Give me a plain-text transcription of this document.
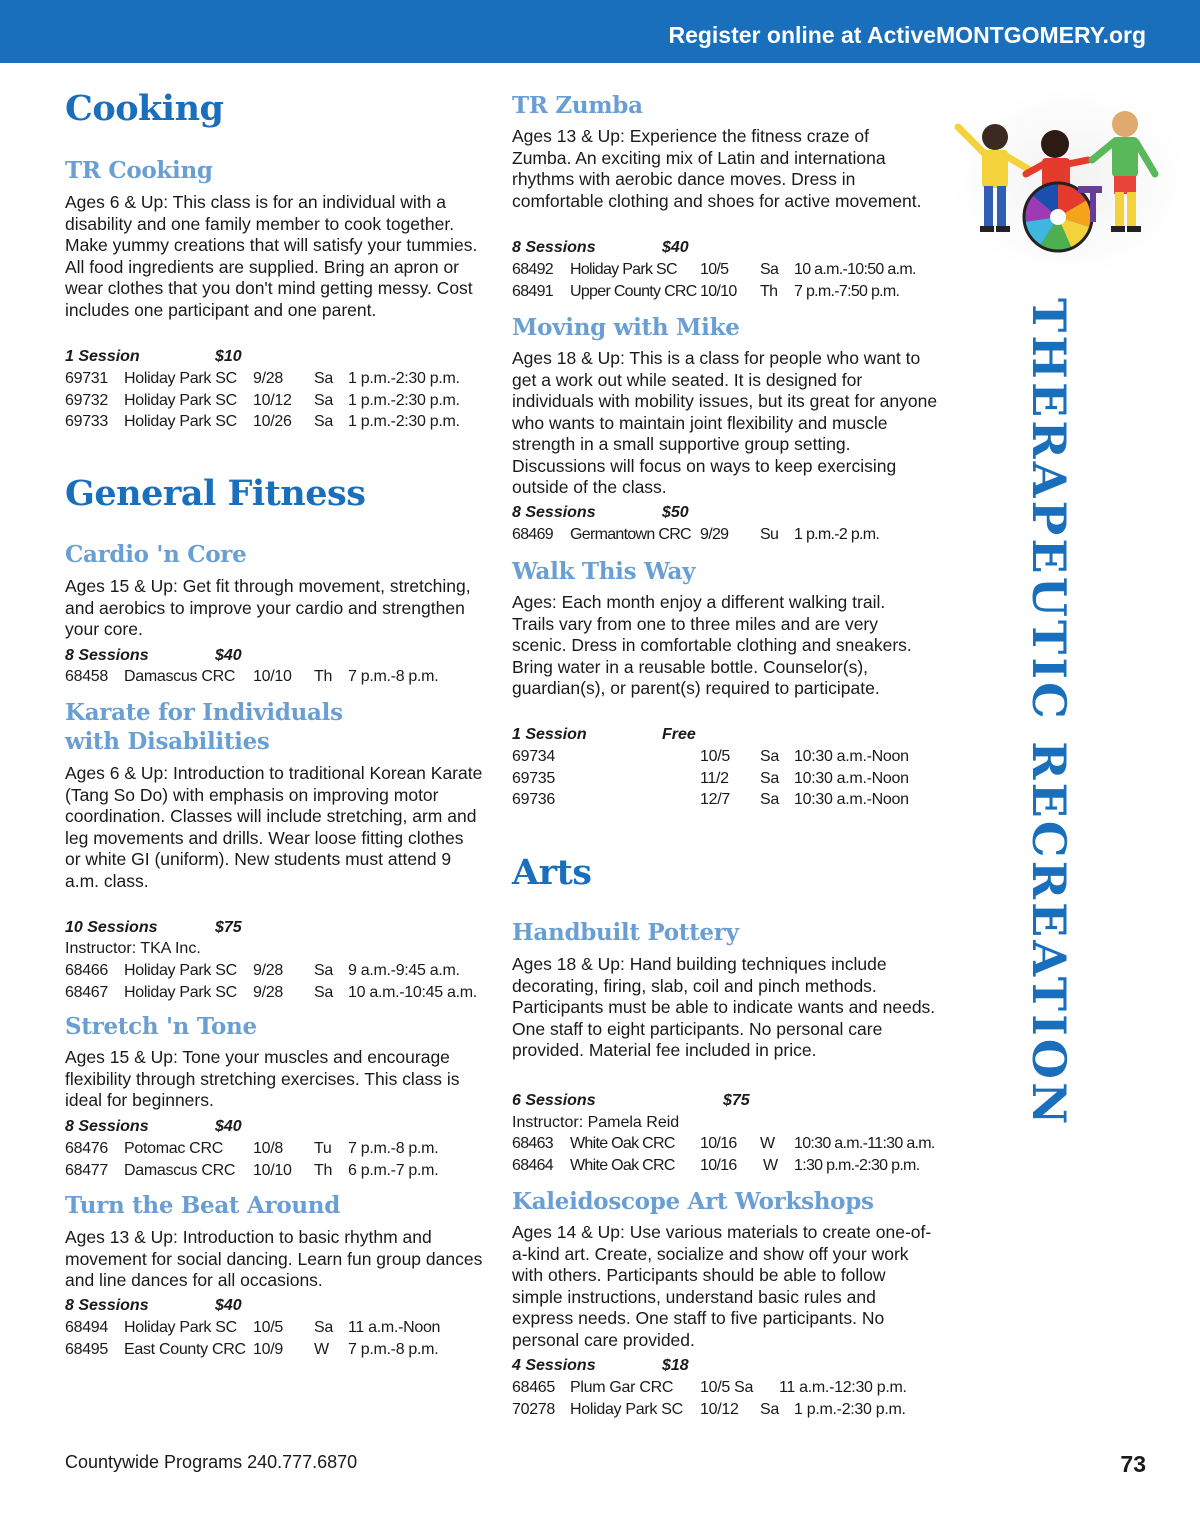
Register online at ActiveMONTGOMERY.org
Cooking
TR Cooking
Ages 6 & Up: This class is for an individual with a disability and one family member to cook together. Make yummy creations that will satisfy your tummies. All food ingredients are supplied. Bring an apron or wear clothes that you don't mind getting messy. Cost includes one participant and one parent.
1 Session	$10
69731	Holiday Park SC	9/28	Sa 1 p.m.-2:30 p.m.
69732	Holiday Park SC	10/12	Sa 1 p.m.-2:30 p.m.
69733	Holiday Park SC	10/26	Sa 1 p.m.-2:30 p.m.
General Fitness
Cardio 'n Core
Ages 15 & Up: Get fit through movement, stretching, and aerobics to improve your cardio and strengthen your core.
8 Sessions	$40
68458	Damascus CRC	10/10	Th 7 p.m.-8 p.m.
Karate for Individuals
with Disabilities
Ages 6 & Up: Introduction to traditional Korean Karate (Tang So Do) with emphasis on improving motor coordination. Classes will include stretching, arm and leg movements and drills. Wear loose fitting clothes or white GI (uniform). New students must attend 9 a.m. class.
10 Sessions	$75
Instructor: TKA Inc.
68466	Holiday Park SC	9/28	Sa 9 a.m.-9:45 a.m.
68467	Holiday Park SC	9/28	Sa 10 a.m.-10:45 a.m.
Stretch 'n Tone
Ages 15 & Up: Tone your muscles and encourage flexibility through stretching exercises. This class is ideal for beginners.
8 Sessions	$40
68476	Potomac CRC	10/8	Tu	7 p.m.-8 p.m.
68477	Damascus CRC	10/10	Th 6 p.m.-7 p.m.
Turn the Beat Around
Ages 13 & Up: Introduction to basic rhythm and movement for social dancing. Learn fun group dances and line dances for all occasions.
8 Sessions	$40
68494	Holiday Park SC	10/5	Sa 11 a.m.-Noon
68495	East County CRC 10/9	W	7 p.m.-8 p.m.
TR Zumba
Ages 13 & Up: Experience the fitness craze of Zumba. An exciting mix of Latin and internationa rhythms with aerobic dance moves. Dress in comfortable clothing and shoes for active movement.
8 Sessions	$40
68492	Holiday Park SC	10/5	Sa 10 a.m.-10:50 a.m.
68491	Upper County CRC 10/10	Th	7 p.m.-7:50 p.m.
Moving with Mike
Ages 18 & Up: This is a class for people who want to get a work out while seated. It is designed for individuals with mobility issues, but its great for anyone who wants to maintain joint flexibility and muscle strength in a small supportive group setting. Discussions will focus on ways to keep exercising outside of the class.
8 Sessions	$50
68469	Germantown CRC 9/29	Su 1 p.m.-2 p.m.
Walk This Way
Ages: Each month enjoy a different walking trail. Trails vary from one to three miles and are very scenic. Dress in comfortable clothing and sneakers. Bring water in a reusable bottle. Counselor(s), guardian(s), or parent(s) required to participate.
1 Session	Free
69734	10/5	Sa 10:30 a.m.-Noon
69735	11/2	Sa 10:30 a.m.-Noon
69736	12/7	Sa 10:30 a.m.-Noon
Arts
Handbuilt Pottery
Ages 18 & Up: Hand building techniques include decorating, firing, slab, coil and pinch methods. Participants must be able to indicate wants and needs. One staff to eight participants. No personal care provided. Material fee included in price.
6 Sessions	$75
Instructor: Pamela Reid
68463	White Oak CRC	10/16	W	10:30 a.m.-11:30 a.m.
68464	White Oak CRC	10/16	W	1:30 p.m.-2:30 p.m.
Kaleidoscope Art Workshops
Ages 14 & Up: Use various materials to create one-of-a-kind art. Create, socialize and show off your work with others. Participants should be able to follow simple instructions, understand basic rules and express needs. One staff to five participants. No personal care provided.
4 Sessions	$18
68465 Plum Gar CRC	10/5 Sa	11 a.m.-12:30 p.m.
70278 Holiday Park SC	10/12	Sa 1 p.m.-2:30 p.m.
THERAPEUTIC RECREATION
Countywide Programs 240.777.6870	73
